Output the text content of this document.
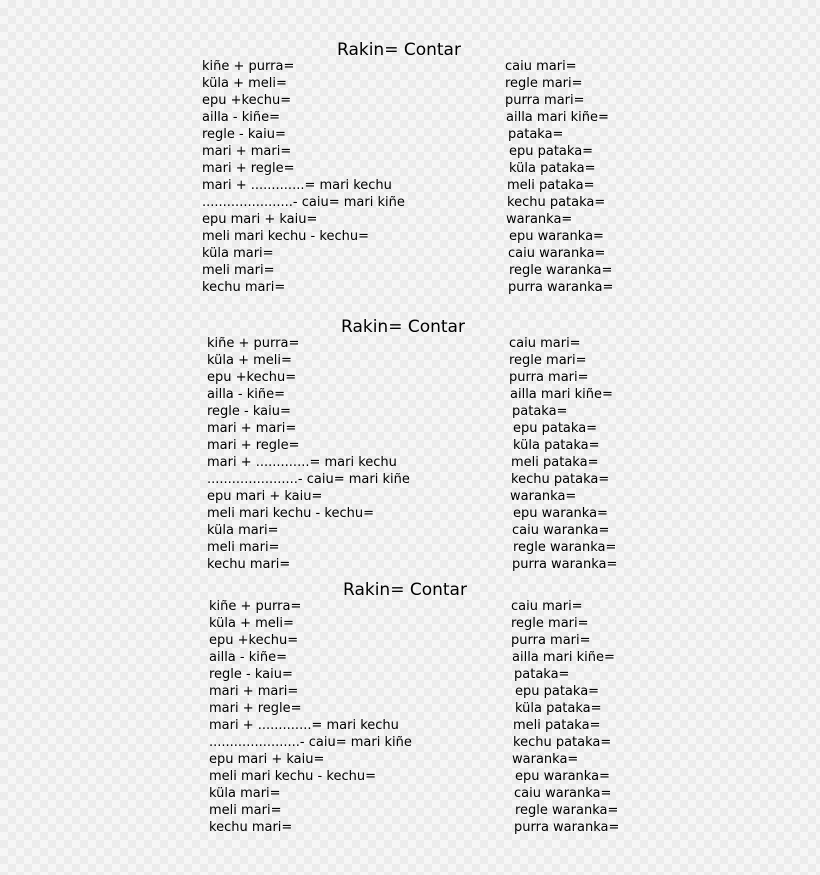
Rakin= Contar
kiñe + purra=
küla + meli=
epu +kechu=
ailla - kiñe=
regle - kaiu=
mari + mari=
mari + regle=
mari + .............= mari kechu
......................- caiu= mari kiñe
epu mari + kaiu=
meli mari kechu - kechu=
küla mari=
meli mari=
kechu mari=
caiu mari=
regle mari=
purra mari=
ailla mari kiñe=
pataka=
epu pataka=
küla pataka=
meli pataka=
kechu pataka=
waranka=
epu waranka=
caiu waranka=
regle waranka=
purra waranka=
Rakin= Contar
kiñe + purra=
küla + meli=
epu +kechu=
ailla - kiñe=
regle - kaiu=
mari + mari=
mari + regle=
mari + .............= mari kechu
......................- caiu= mari kiñe
epu mari + kaiu=
meli mari kechu - kechu=
küla mari=
meli mari=
kechu mari=
caiu mari=
regle mari=
purra mari=
ailla mari kiñe=
pataka=
epu pataka=
küla pataka=
meli pataka=
kechu pataka=
waranka=
epu waranka=
caiu waranka=
regle waranka=
purra waranka=
Rakin= Contar
kiñe + purra=
küla + meli=
epu +kechu=
ailla - kiñe=
regle - kaiu=
mari + mari=
mari + regle=
mari + .............= mari kechu
......................- caiu= mari kiñe
epu mari + kaiu=
meli mari kechu - kechu=
küla mari=
meli mari=
kechu mari=
caiu mari=
regle mari=
purra mari=
ailla mari kiñe=
pataka=
epu pataka=
küla pataka=
meli pataka=
kechu pataka=
waranka=
epu waranka=
caiu waranka=
regle waranka=
purra waranka=
